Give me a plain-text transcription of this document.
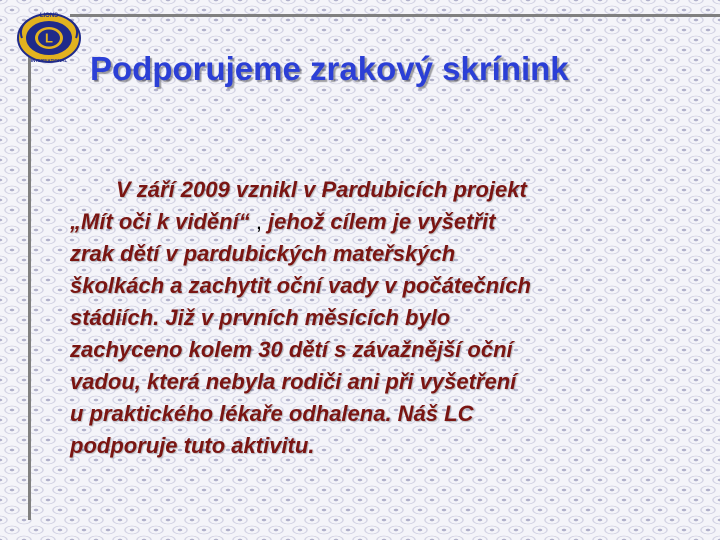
LIONS
L
INTERNATIONAL Podporujeme zrakový skrínink
V září 2009 vznikl v Pardubicích projekt
„Mít oči k vidění“ , jehož cílem je vyšetřit
zrak dětí v pardubických mateřských
školkách a zachytit oční vady v počátečních
stádiích. Již v prvních měsících bylo
zachyceno kolem 30 dětí s závažnější oční
vadou, která nebyla rodiči ani při vyšetření
u praktického lékaře odhalena. Náš LC
podporuje tuto aktivitu.
